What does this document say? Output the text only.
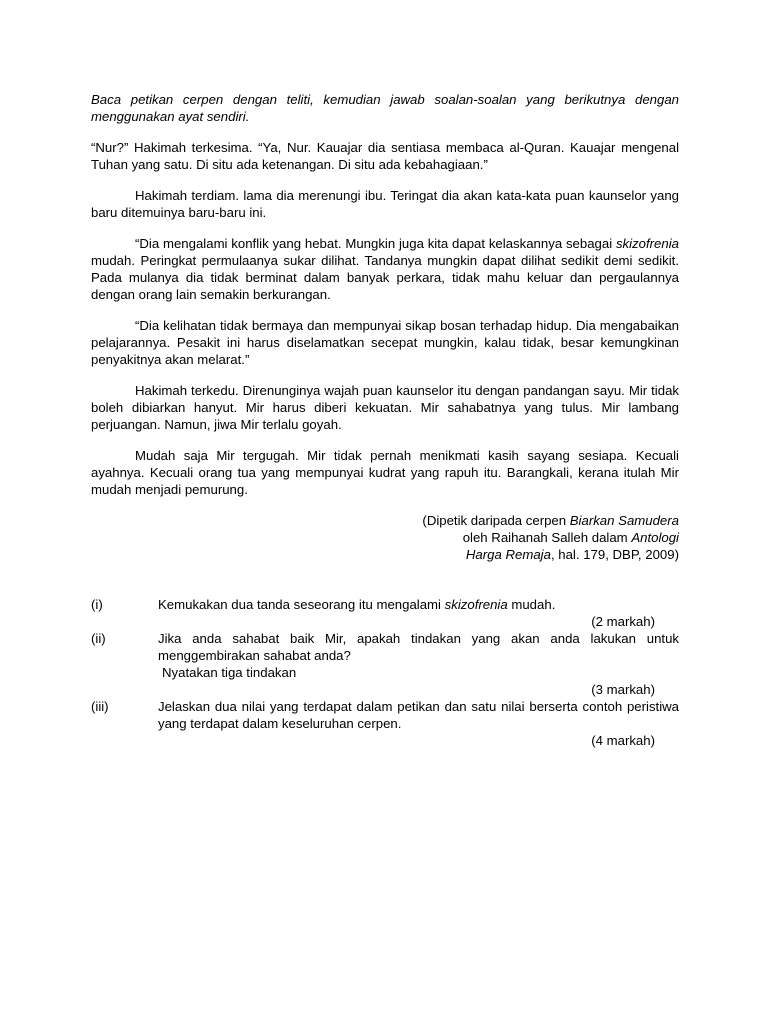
Baca petikan cerpen dengan teliti, kemudian jawab soalan-soalan yang berikutnya dengan menggunakan ayat sendiri.

“Nur?” Hakimah terkesima. “Ya, Nur. Kauajar dia sentiasa membaca al-Quran. Kauajar mengenal Tuhan yang satu. Di situ ada ketenangan. Di situ ada kebahagiaan.”

Hakimah terdiam. lama dia merenungi ibu. Teringat dia akan kata-kata puan kaunselor yang baru ditemuinya baru-baru ini.

“Dia mengalami konflik yang hebat. Mungkin juga kita dapat kelaskannya sebagai skizofrenia mudah. Peringkat permulaanya sukar dilihat. Tandanya mungkin dapat dilihat sedikit demi sedikit. Pada mulanya dia tidak berminat dalam banyak perkara, tidak mahu keluar dan pergaulannya dengan orang lain semakin berkurangan.

“Dia kelihatan tidak bermaya dan mempunyai sikap bosan terhadap hidup. Dia mengabaikan pelajarannya. Pesakit ini harus diselamatkan secepat mungkin, kalau tidak, besar kemungkinan penyakitnya akan melarat.”

Hakimah terkedu. Direnunginya wajah puan kaunselor itu dengan pandangan sayu. Mir tidak boleh dibiarkan hanyut. Mir harus diberi kekuatan. Mir sahabatnya yang tulus. Mir lambang perjuangan. Namun, jiwa Mir terlalu goyah.

Mudah saja Mir tergugah. Mir tidak pernah menikmati kasih sayang sesiapa. Kecuali ayahnya. Kecuali orang tua yang mempunyai kudrat yang rapuh itu. Barangkali, kerana itulah Mir mudah menjadi pemurung.

(Dipetik daripada cerpen Biarkan Samudera
oleh Raihanah Salleh dalam Antologi
Harga Remaja, hal. 179, DBP, 2009)
(i)	Kemukakan dua tanda seseorang itu mengalami skizofrenia mudah.

(2 markah)
(ii)	Jika anda sahabat baik Mir, apakah tindakan yang akan anda lakukan untuk menggembirakan sahabat anda?

Nyatakan tiga tindakan
(3 markah)
(iii)	Jelaskan dua nilai yang terdapat dalam petikan dan satu nilai berserta contoh peristiwa yang terdapat dalam keseluruhan cerpen.

(4 markah)
